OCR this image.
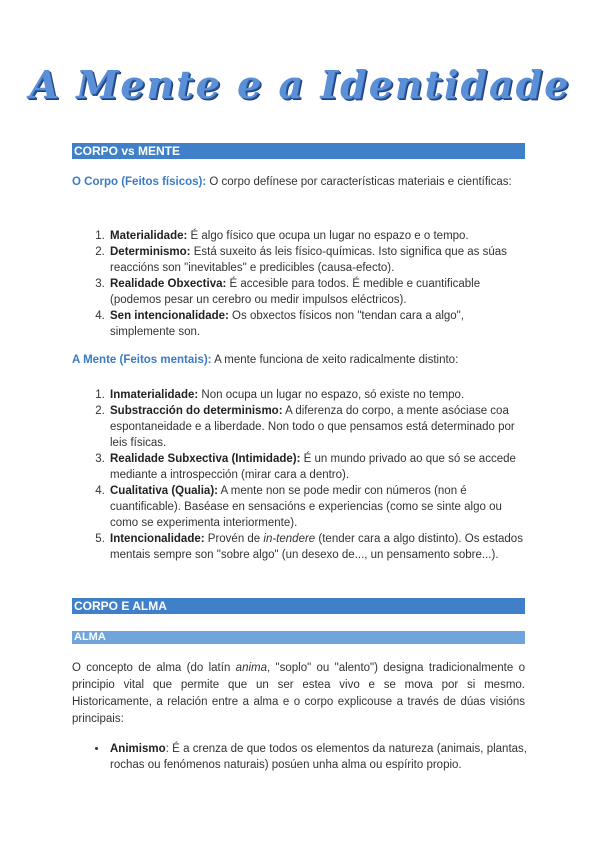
A Mente e a Identidade
CORPO vs MENTE
O Corpo (Feitos físicos): O corpo defínese por características materiais e científicas:
1. Materialidade: É algo físico que ocupa un lugar no espazo e o tempo.
2. Determinismo: Está suxeito ás leis físico-químicas. Isto significa que as súas reaccións son "inevitables" e predicibles (causa-efecto).
3. Realidade Obxectiva: É accesible para todos. É medible e cuantificable (podemos pesar un cerebro ou medir impulsos eléctricos).
4. Sen intencionalidade: Os obxectos físicos non "tendan cara a algo", simplemente son.
A Mente (Feitos mentais): A mente funciona de xeito radicalmente distinto:
1. Inmaterialidade: Non ocupa un lugar no espazo, só existe no tempo.
2. Substracción do determinismo: A diferenza do corpo, a mente asóciase coa espontaneidade e a liberdade. Non todo o que pensamos está determinado por leis físicas.
3. Realidade Subxectiva (Intimidade): É un mundo privado ao que só se accede mediante a introspección (mirar cara a dentro).
4. Cualitativa (Qualia): A mente non se pode medir con números (non é cuantificable). Baséase en sensacións e experiencias (como se sinte algo ou como se experimenta interiormente).
5. Intencionalidade: Provén de in-tendere (tender cara a algo distinto). Os estados mentais sempre son "sobre algo" (un desexo de..., un pensamento sobre...).
CORPO E ALMA
ALMA
O concepto de alma (do latín anima, "soplo" ou "alento") designa tradicionalmente o principio vital que permite que un ser estea vivo e se mova por si mesmo. Historicamente, a relación entre a alma e o corpo explicouse a través de dúas visións principais:
• Animismo: É a crenza de que todos os elementos da natureza (animais, plantas, rochas ou fenómenos naturais) posúen unha alma ou espírito propio.
